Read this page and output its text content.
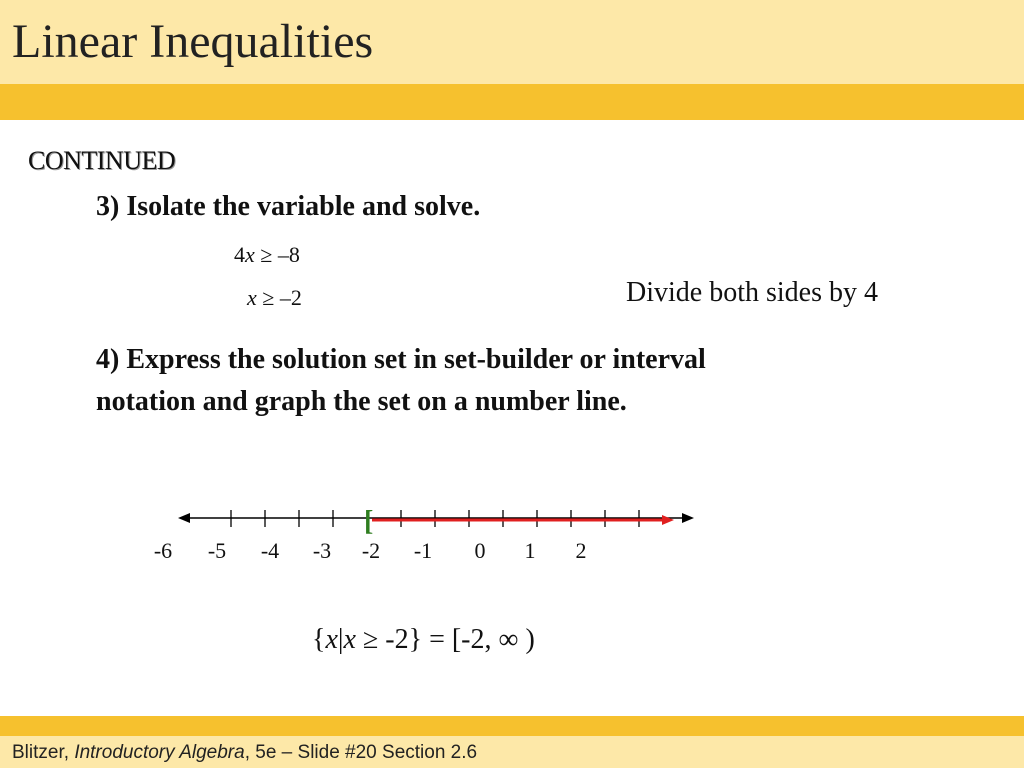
Linear Inequalities
CONTINUED
3) Isolate the variable and solve.
4x ≥ –8
x ≥ –2	Divide both sides by 4
4) Express the solution set in set-builder or interval
notation and graph the set on a number line.
[
-6 -5 -4 -3 -2 -1 0 1 2
{x|x ≥ -2} = [-2, ∞ )
Blitzer, Introductory Algebra, 5e – Slide #20 Section 2.6
